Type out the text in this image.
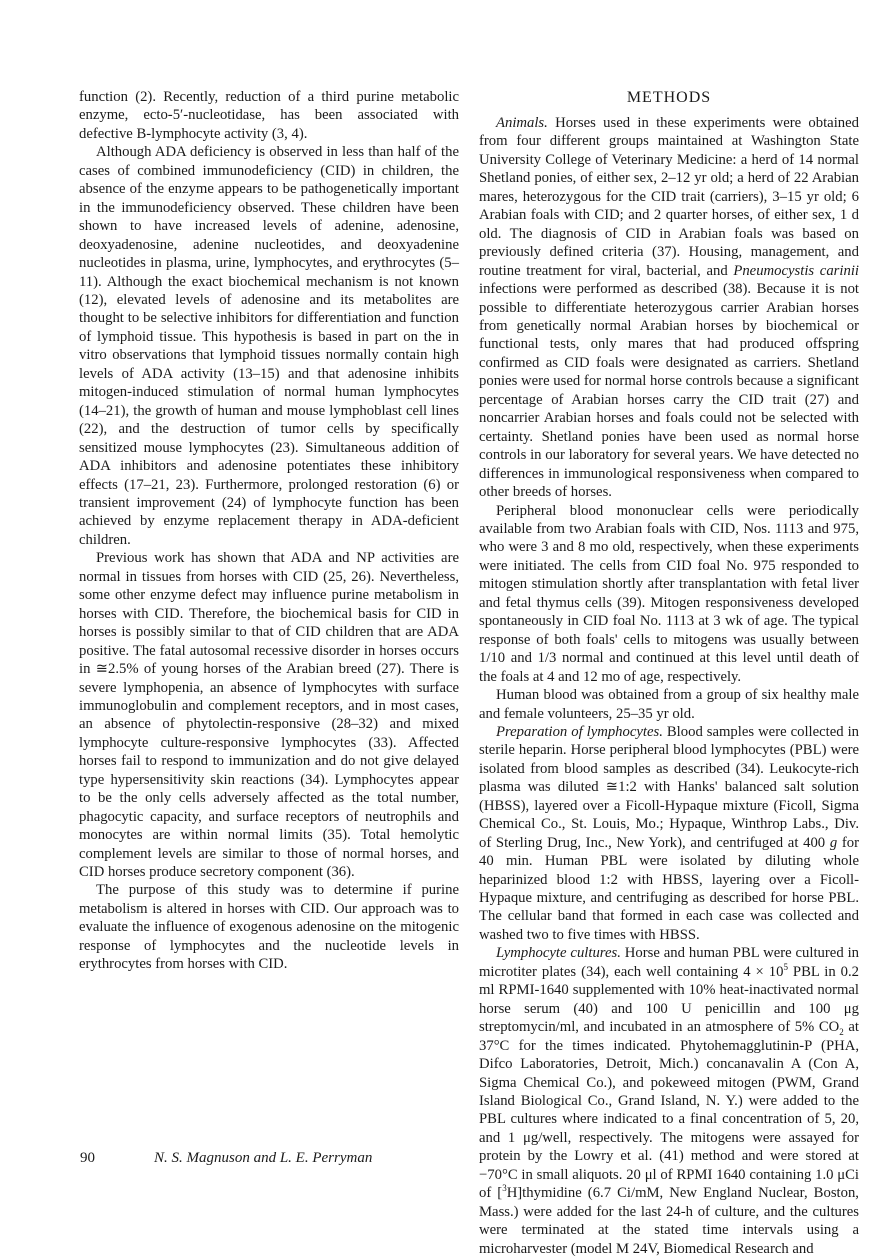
function (2). Recently, reduction of a third purine metabolic enzyme, ecto-5′-nucleotidase, has been associated with defective B-lymphocyte activity (3, 4).

Although ADA deficiency is observed in less than half of the cases of combined immunodeficiency (CID) in children, the absence of the enzyme appears to be pathogenetically important in the immunodeficiency observed. These children have been shown to have increased levels of adenine, adenosine, deoxyadenosine, adenine nucleotides, and deoxyadenine nucleotides in plasma, urine, lymphocytes, and erythrocytes (5–11). Although the exact biochemical mechanism is not known (12), elevated levels of adenosine and its metabolites are thought to be selective inhibitors for differentiation and function of lymphoid tissue. This hypothesis is based in part on the in vitro observations that lymphoid tissues normally contain high levels of ADA activity (13–15) and that adenosine inhibits mitogen-induced stimulation of normal human lymphocytes (14–21), the growth of human and mouse lymphoblast cell lines (22), and the destruction of tumor cells by specifically sensitized mouse lymphocytes (23). Simultaneous addition of ADA inhibitors and adenosine potentiates these inhibitory effects (17–21, 23). Furthermore, prolonged restoration (6) or transient improvement (24) of lymphocyte function has been achieved by enzyme replacement therapy in ADA-deficient children.

Previous work has shown that ADA and NP activities are normal in tissues from horses with CID (25, 26). Nevertheless, some other enzyme defect may influence purine metabolism in horses with CID. Therefore, the biochemical basis for CID in horses is possibly similar to that of CID children that are ADA positive. The fatal autosomal recessive disorder in horses occurs in ≅2.5% of young horses of the Arabian breed (27). There is severe lymphopenia, an absence of lymphocytes with surface immunoglobulin and complement receptors, and in most cases, an absence of phytolectin-responsive (28–32) and mixed lymphocyte culture-responsive lymphocytes (33). Affected horses fail to respond to immunization and do not give delayed type hypersensitivity skin reactions (34). Lymphocytes appear to be the only cells adversely affected as the total number, phagocytic capacity, and surface receptors of neutrophils and monocytes are within normal limits (35). Total hemolytic complement levels are similar to those of normal horses, and CID horses produce secretory component (36).

The purpose of this study was to determine if purine metabolism is altered in horses with CID. Our approach was to evaluate the influence of exogenous adenosine on the mitogenic response of lymphocytes and the nucleotide levels in erythrocytes from horses with CID.

METHODS

Animals. Horses used in these experiments were obtained from four different groups maintained at Washington State University College of Veterinary Medicine: a herd of 14 normal Shetland ponies, of either sex, 2–12 yr old; a herd of 22 Arabian mares, heterozygous for the CID trait (carriers), 3–15 yr old; 6 Arabian foals with CID; and 2 quarter horses, of either sex, 1 d old. The diagnosis of CID in Arabian foals was based on previously defined criteria (37). Housing, management, and routine treatment for viral, bacterial, and Pneumocystis carinii infections were performed as described (38). Because it is not possible to differentiate heterozygous carrier Arabian horses from genetically normal Arabian horses by biochemical or functional tests, only mares that had produced offspring confirmed as CID foals were designated as carriers. Shetland ponies were used for normal horse controls because a significant percentage of Arabian horses carry the CID trait (27) and noncarrier Arabian horses and foals could not be selected with certainty. Shetland ponies have been used as normal horse controls in our laboratory for several years. We have detected no differences in immunological responsiveness when compared to other breeds of horses.

Peripheral blood mononuclear cells were periodically available from two Arabian foals with CID, Nos. 1113 and 975, who were 3 and 8 mo old, respectively, when these experiments were initiated. The cells from CID foal No. 975 responded to mitogen stimulation shortly after transplantation with fetal liver and fetal thymus cells (39). Mitogen responsiveness developed spontaneously in CID foal No. 1113 at 3 wk of age. The typical response of both foals' cells to mitogens was usually between 1/10 and 1/3 normal and continued at this level until death of the foals at 4 and 12 mo of age, respectively.

Human blood was obtained from a group of six healthy male and female volunteers, 25–35 yr old.

Preparation of lymphocytes. Blood samples were collected in sterile heparin. Horse peripheral blood lymphocytes (PBL) were isolated from blood samples as described (34). Leukocyte-rich plasma was diluted ≅1:2 with Hanks' balanced salt solution (HBSS), layered over a Ficoll-Hypaque mixture (Ficoll, Sigma Chemical Co., St. Louis, Mo.; Hypaque, Winthrop Labs., Div. of Sterling Drug, Inc., New York), and centrifuged at 400 g for 40 min. Human PBL were isolated by diluting whole heparinized blood 1:2 with HBSS, layering over a Ficoll-Hypaque mixture, and centrifuging as described for horse PBL. The cellular band that formed in each case was collected and washed two to five times with HBSS.

Lymphocyte cultures. Horse and human PBL were cultured in microtiter plates (34), each well containing $4 \times 10^5$ PBL in 0.2 ml RPMI-1640 supplemented with 10% heat-inactivated normal horse serum (40) and 100 U penicillin and 100 μg streptomycin/ml, and incubated in an atmosphere of 5% $CO_2$ at 37°C for the times indicated. Phytohemagglutinin-P (PHA, Difco Laboratories, Detroit, Mich.) concanavalin A (Con A, Sigma Chemical Co.), and pokeweed mitogen (PWM, Grand Island Biological Co., Grand Island, N. Y.) were added to the PBL cultures where indicated to a final concentration of 5, 20, and 1 μg/well, respectively. The mitogens were assayed for protein by the Lowry et al. (41) method and were stored at −70°C in small aliquots. 20 μl of RPMI 1640 containing 1.0 μCi of [$^3$H]thymidine (6.7 Ci/mM, New England Nuclear, Boston, Mass.) were added for the last 24-h of culture, and the cultures were terminated at the stated time intervals using a microharvester (model M 24V, Biomedical Research and

90	N. S. Magnuson and L. E. Perryman
